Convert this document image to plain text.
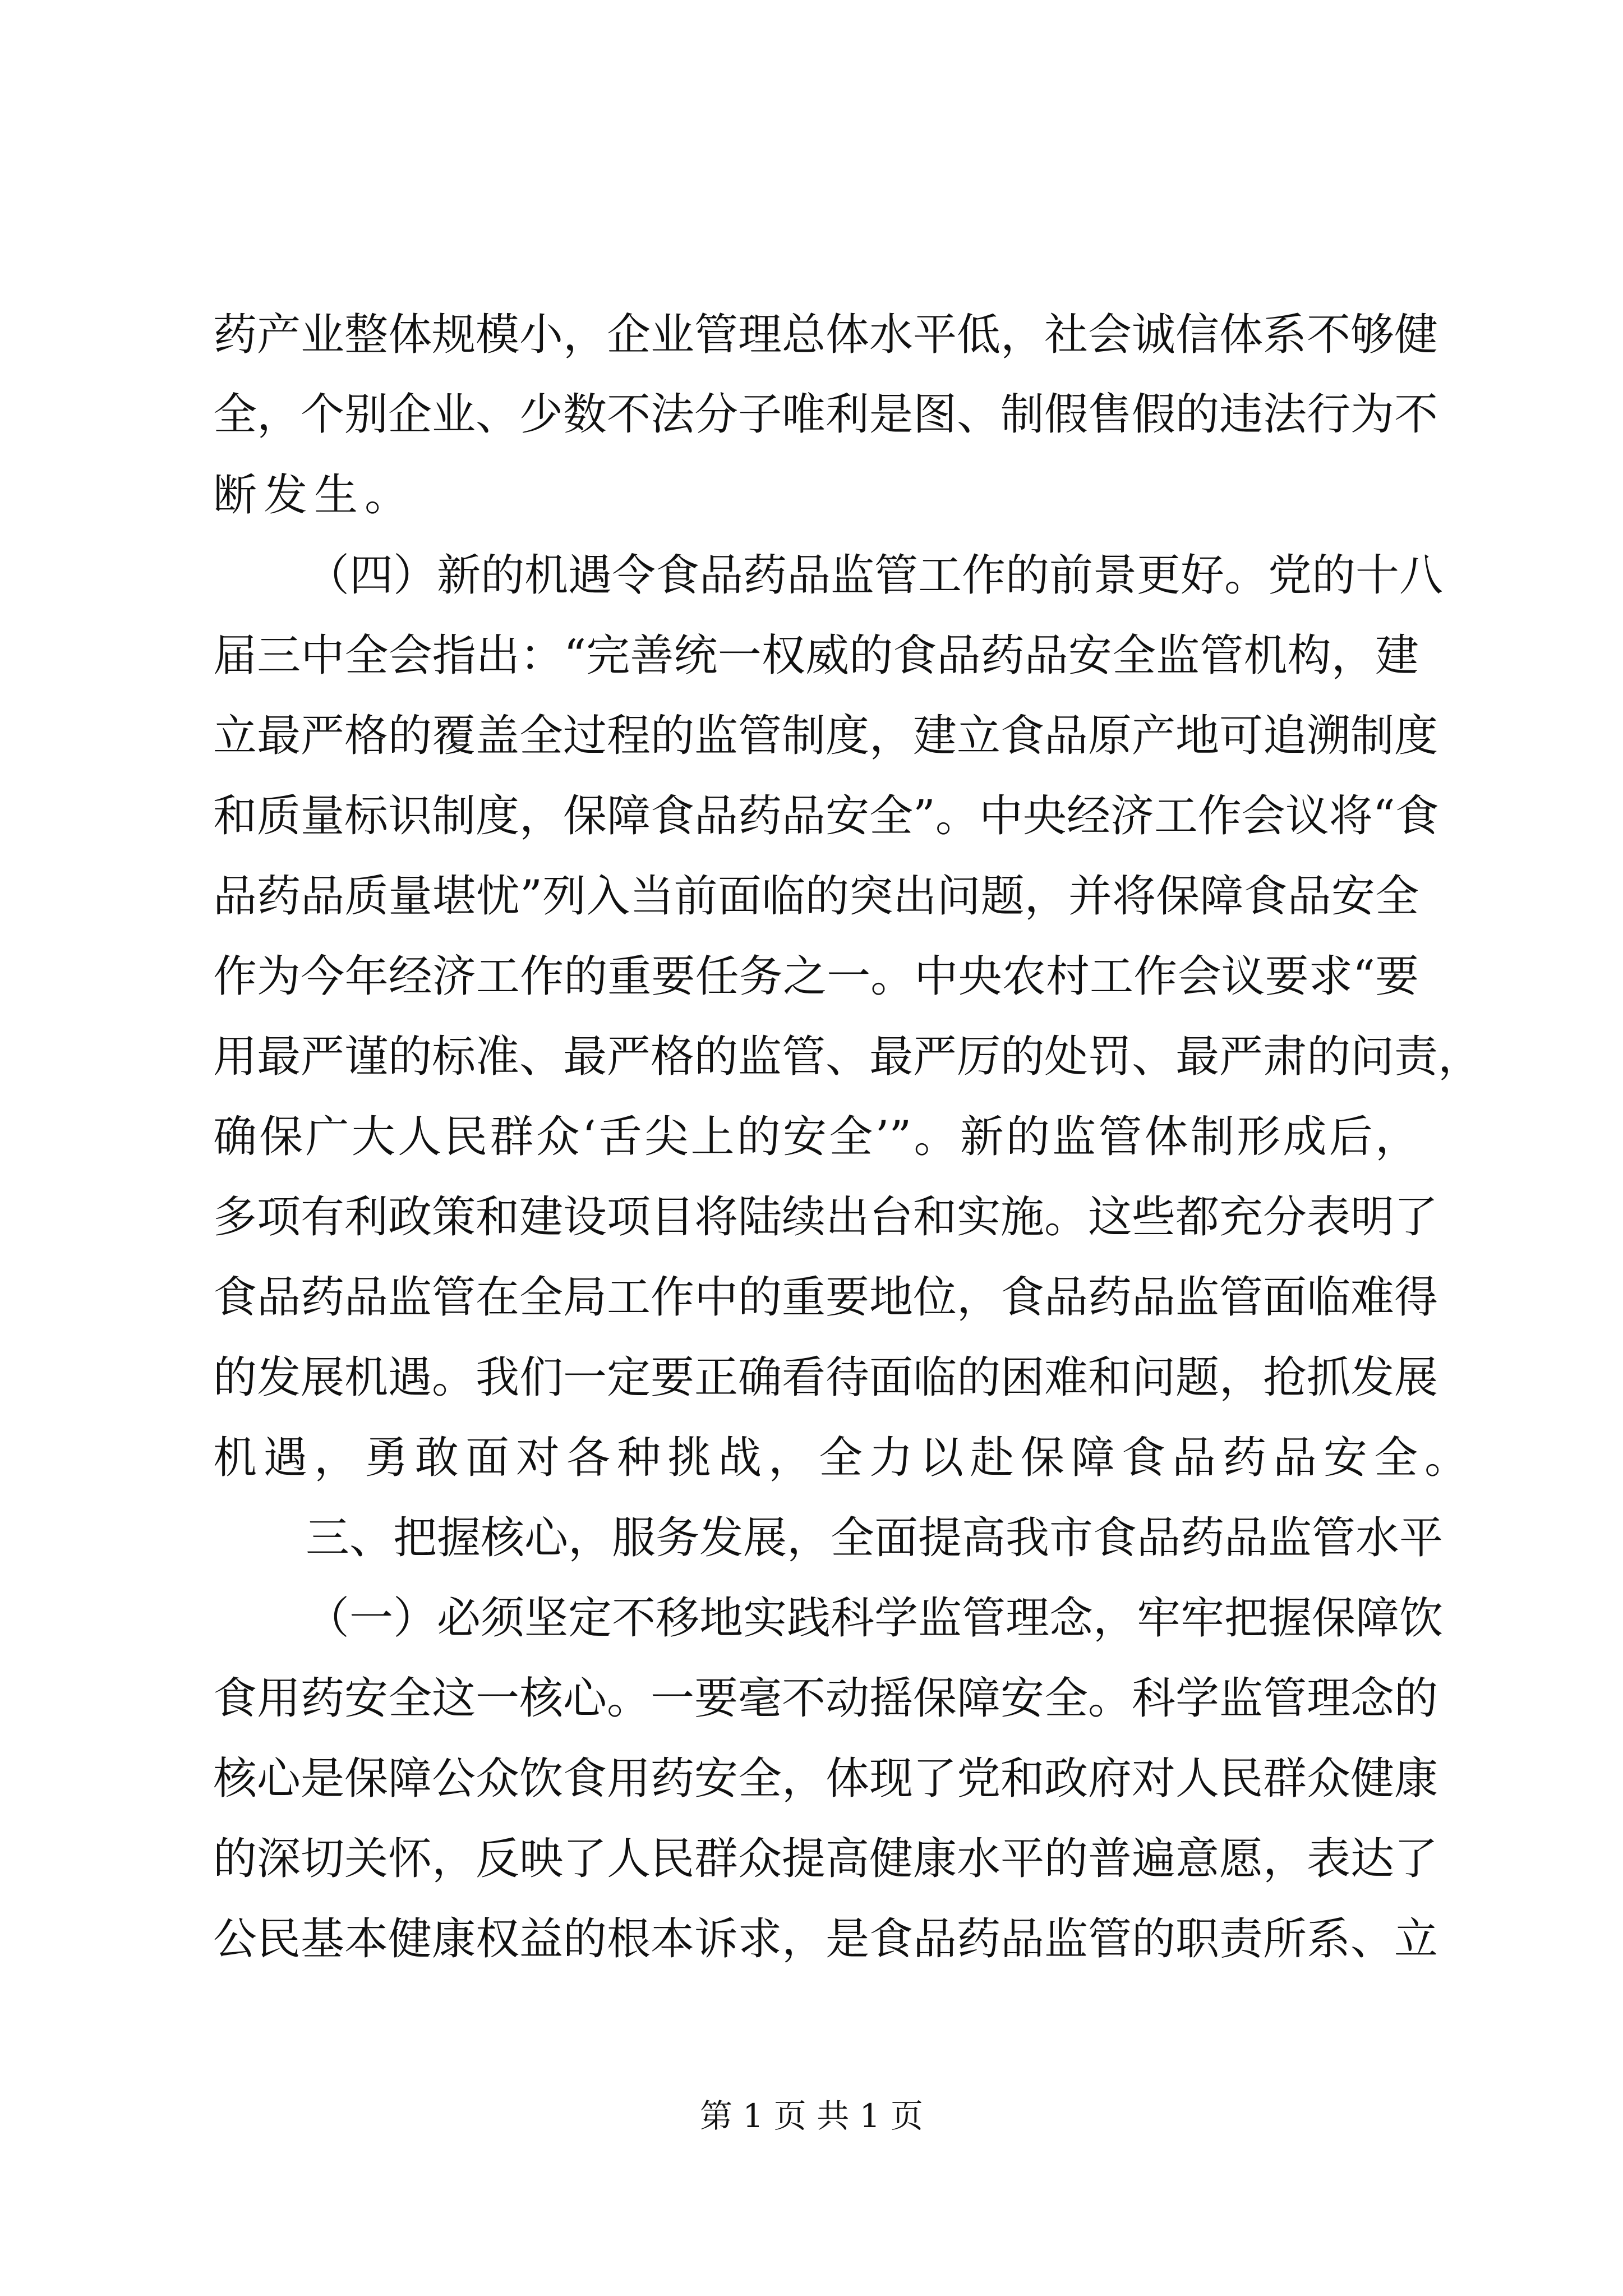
药产业整体规模小，企业管理总体水平低，社会诚信体系不够健
全，个别企业、少数不法分子唯利是图、制假售假的违法行为不
断发生。
（四）新的机遇令食品药品监管工作的前景更好。党的十八
届三中全会指出：“完善统一权威的食品药品安全监管机构，建
立最严格的覆盖全过程的监管制度，建立食品原产地可追溯制度
和质量标识制度，保障食品药品安全”。中央经济工作会议将“食
品药品质量堪忧”列入当前面临的突出问题，并将保障食品安全
作为今年经济工作的重要任务之一。中央农村工作会议要求“要
用最严谨的标准、最严格的监管、最严厉的处罚、最严肃的问责，
确保广大人民群众‘舌尖上的安全’”。新的监管体制形成后，
多项有利政策和建设项目将陆续出台和实施。这些都充分表明了
食品药品监管在全局工作中的重要地位，食品药品监管面临难得
的发展机遇。我们一定要正确看待面临的困难和问题，抢抓发展
机遇，勇敢面对各种挑战，全力以赴保障食品药品安全。
三、把握核心，服务发展，全面提高我市食品药品监管水平
（一）必须坚定不移地实践科学监管理念，牢牢把握保障饮
食用药安全这一核心。一要毫不动摇保障安全。科学监管理念的
核心是保障公众饮食用药安全，体现了党和政府对人民群众健康
的深切关怀，反映了人民群众提高健康水平的普遍意愿，表达了
公民基本健康权益的根本诉求，是食品药品监管的职责所系、立
第 1 页 共 1 页
